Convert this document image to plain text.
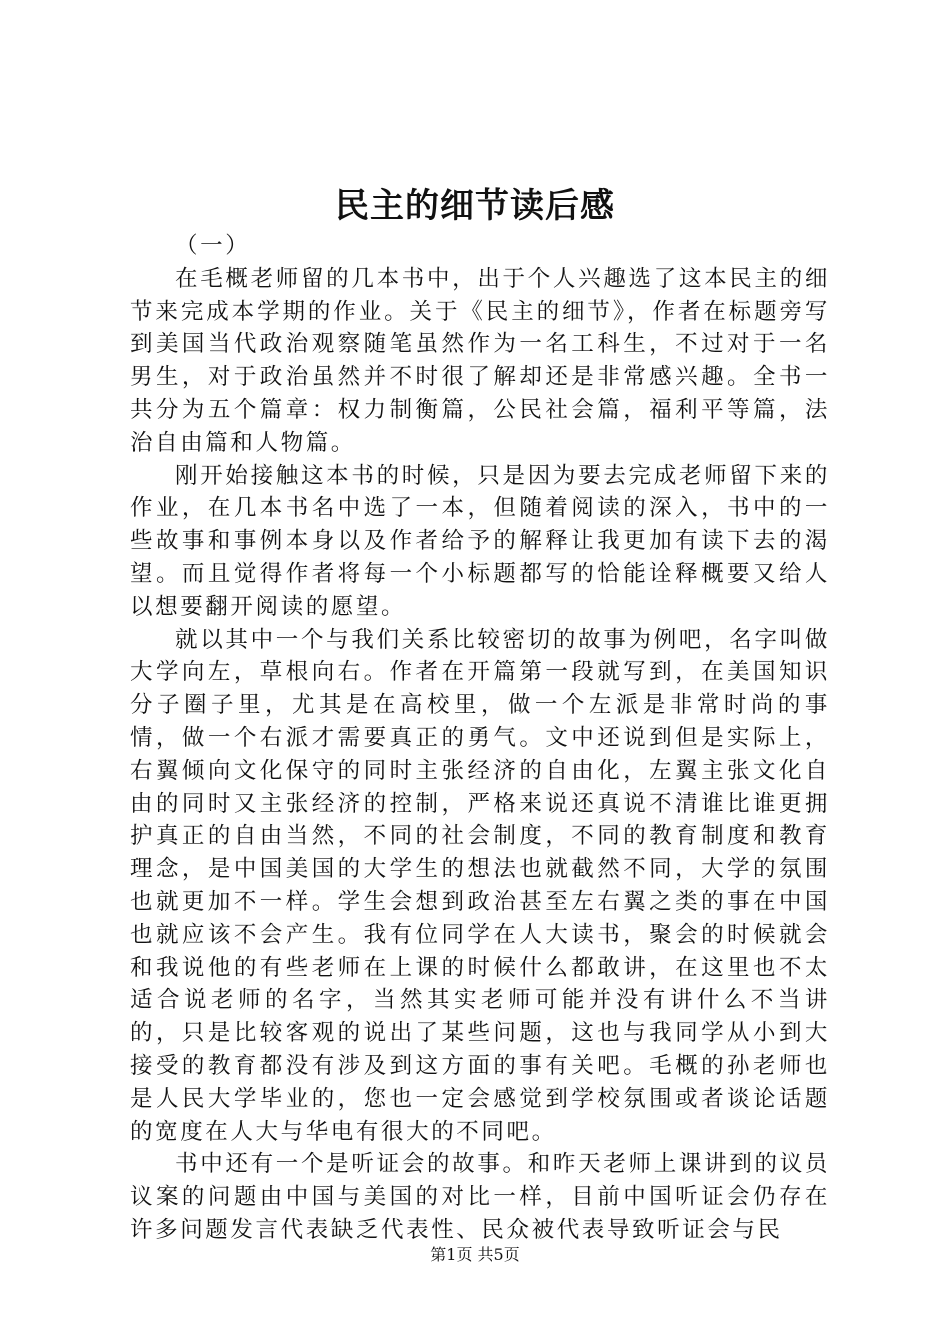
民主的细节读后感

（一）

在毛概老师留的几本书中，出于个人兴趣选了这本民主的细节来完成本学期的作业。关于《民主的细节》，作者在标题旁写到美国当代政治观察随笔虽然作为一名工科生，不过对于一名男生，对于政治虽然并不时很了解却还是非常感兴趣。全书一共分为五个篇章：权力制衡篇，公民社会篇，福利平等篇，法治自由篇和人物篇。

刚开始接触这本书的时候，只是因为要去完成老师留下来的作业，在几本书名中选了一本，但随着阅读的深入，书中的一些故事和事例本身以及作者给予的解释让我更加有读下去的渴望。而且觉得作者将每一个小标题都写的恰能诠释概要又给人以想要翻开阅读的愿望。

就以其中一个与我们关系比较密切的故事为例吧，名字叫做大学向左，草根向右。作者在开篇第一段就写到，在美国知识分子圈子里，尤其是在高校里，做一个左派是非常时尚的事情，做一个右派才需要真正的勇气。文中还说到但是实际上，右翼倾向文化保守的同时主张经济的自由化，左翼主张文化自由的同时又主张经济的控制，严格来说还真说不清谁比谁更拥护真正的自由当然，不同的社会制度，不同的教育制度和教育理念，是中国美国的大学生的想法也就截然不同，大学的氛围也就更加不一样。学生会想到政治甚至左右翼之类的事在中国也就应该不会产生。我有位同学在人大读书，聚会的时候就会和我说他的有些老师在上课的时候什么都敢讲，在这里也不太适合说老师的名字，当然其实老师可能并没有讲什么不当讲的，只是比较客观的说出了某些问题，这也与我同学从小到大接受的教育都没有涉及到这方面的事有关吧。毛概的孙老师也是人民大学毕业的，您也一定会感觉到学校氛围或者谈论话题的宽度在人大与华电有很大的不同吧。

书中还有一个是听证会的故事。和昨天老师上课讲到的议员议案的问题由中国与美国的对比一样，目前中国听证会仍存在许多问题发言代表缺乏代表性、民众被代表导致听证会与民

第1页 共5页
